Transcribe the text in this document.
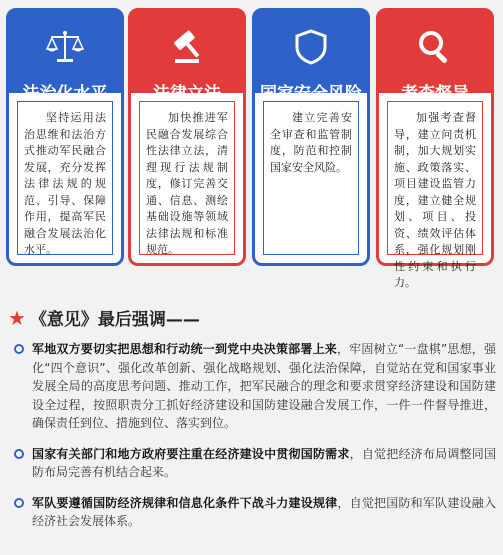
法治化水平
坚持运用法治思维和法治方式推动军民融合发展，充分发挥法律法规的规范、引导、保障作用，提高军民融合发展法治化水平。
法律立法
加快推进军民融合发展综合性法律立法，清理现行法规制度，修订完善交通、信息、测绘基础设施等领域法律法规和标准规范。
国家安全风险
建立完善安全审查和监管制度，防范和控制国家安全风险。
考查督导
加强考查督导，建立问责机制，加大规划实施、政策落实、项目建设监管力度，建立健全规划、项目、投资、绩效评估体系，强化规划刚性约束和执行力。
★ 《意见》最后强调——
军地双方要切实把思想和行动统一到党中央决策部署上来，牢固树立“一盘棋”思想，强化“四个意识”、强化改革创新、强化战略规划、强化法治保障，自觉站在党和国家事业发展全局的高度思考问题、推动工作，把军民融合的理念和要求贯穿经济建设和国防建设全过程，按照职责分工抓好经济建设和国防建设融合发展工作，一件一件督导推进，确保责任到位、措施到位、落实到位。
国家有关部门和地方政府要注重在经济建设中贯彻国防需求，自觉把经济布局调整同国防布局完善有机结合起来。
军队要遵循国防经济规律和信息化条件下战斗力建设规律，自觉把国防和军队建设融入经济社会发展体系。
